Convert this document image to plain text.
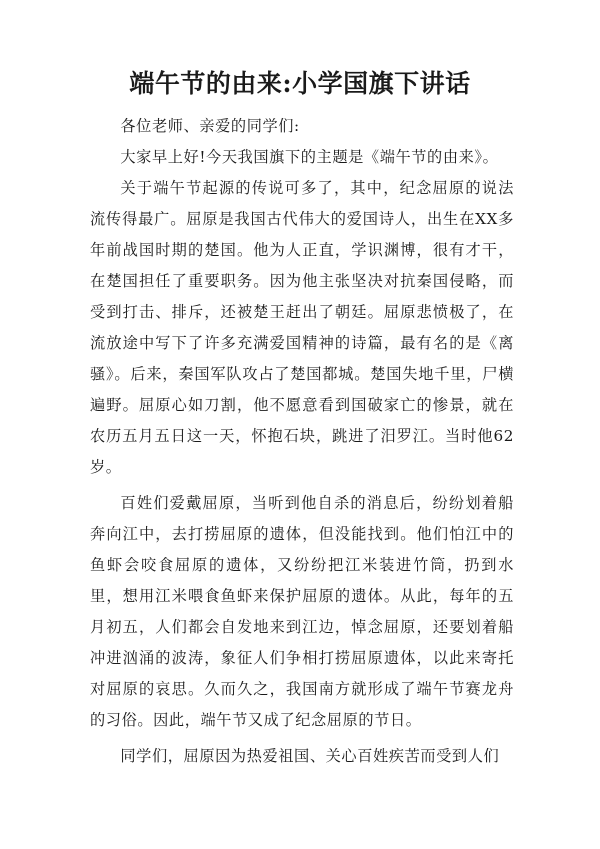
端午节的由来:小学国旗下讲话

各位老师、亲爱的同学们:

大家早上好!今天我国旗下的主题是《端午节的由来》。

关于端午节起源的传说可多了，其中，纪念屈原的说法流传得最广。屈原是我国古代伟大的爱国诗人，出生在XX多年前战国时期的楚国。他为人正直，学识渊博，很有才干，在楚国担任了重要职务。因为他主张坚决对抗秦国侵略，而受到打击、排斥，还被楚王赶出了朝廷。屈原悲愤极了，在流放途中写下了许多充满爱国精神的诗篇，最有名的是《离骚》。后来，秦国军队攻占了楚国都城。楚国失地千里，尸横遍野。屈原心如刀割，他不愿意看到国破家亡的惨景，就在农历五月五日这一天，怀抱石块，跳进了汨罗江。当时他62岁。

百姓们爱戴屈原，当听到他自杀的消息后，纷纷划着船奔向江中，去打捞屈原的遗体，但没能找到。他们怕江中的鱼虾会咬食屈原的遗体，又纷纷把江米装进竹筒，扔到水里，想用江米喂食鱼虾来保护屈原的遗体。从此，每年的五月初五，人们都会自发地来到江边，悼念屈原，还要划着船冲进汹涌的波涛，象征人们争相打捞屈原遗体，以此来寄托对屈原的哀思。久而久之，我国南方就形成了端午节赛龙舟的习俗。因此，端午节又成了纪念屈原的节日。

同学们，屈原因为热爱祖国、关心百姓疾苦而受到人们
